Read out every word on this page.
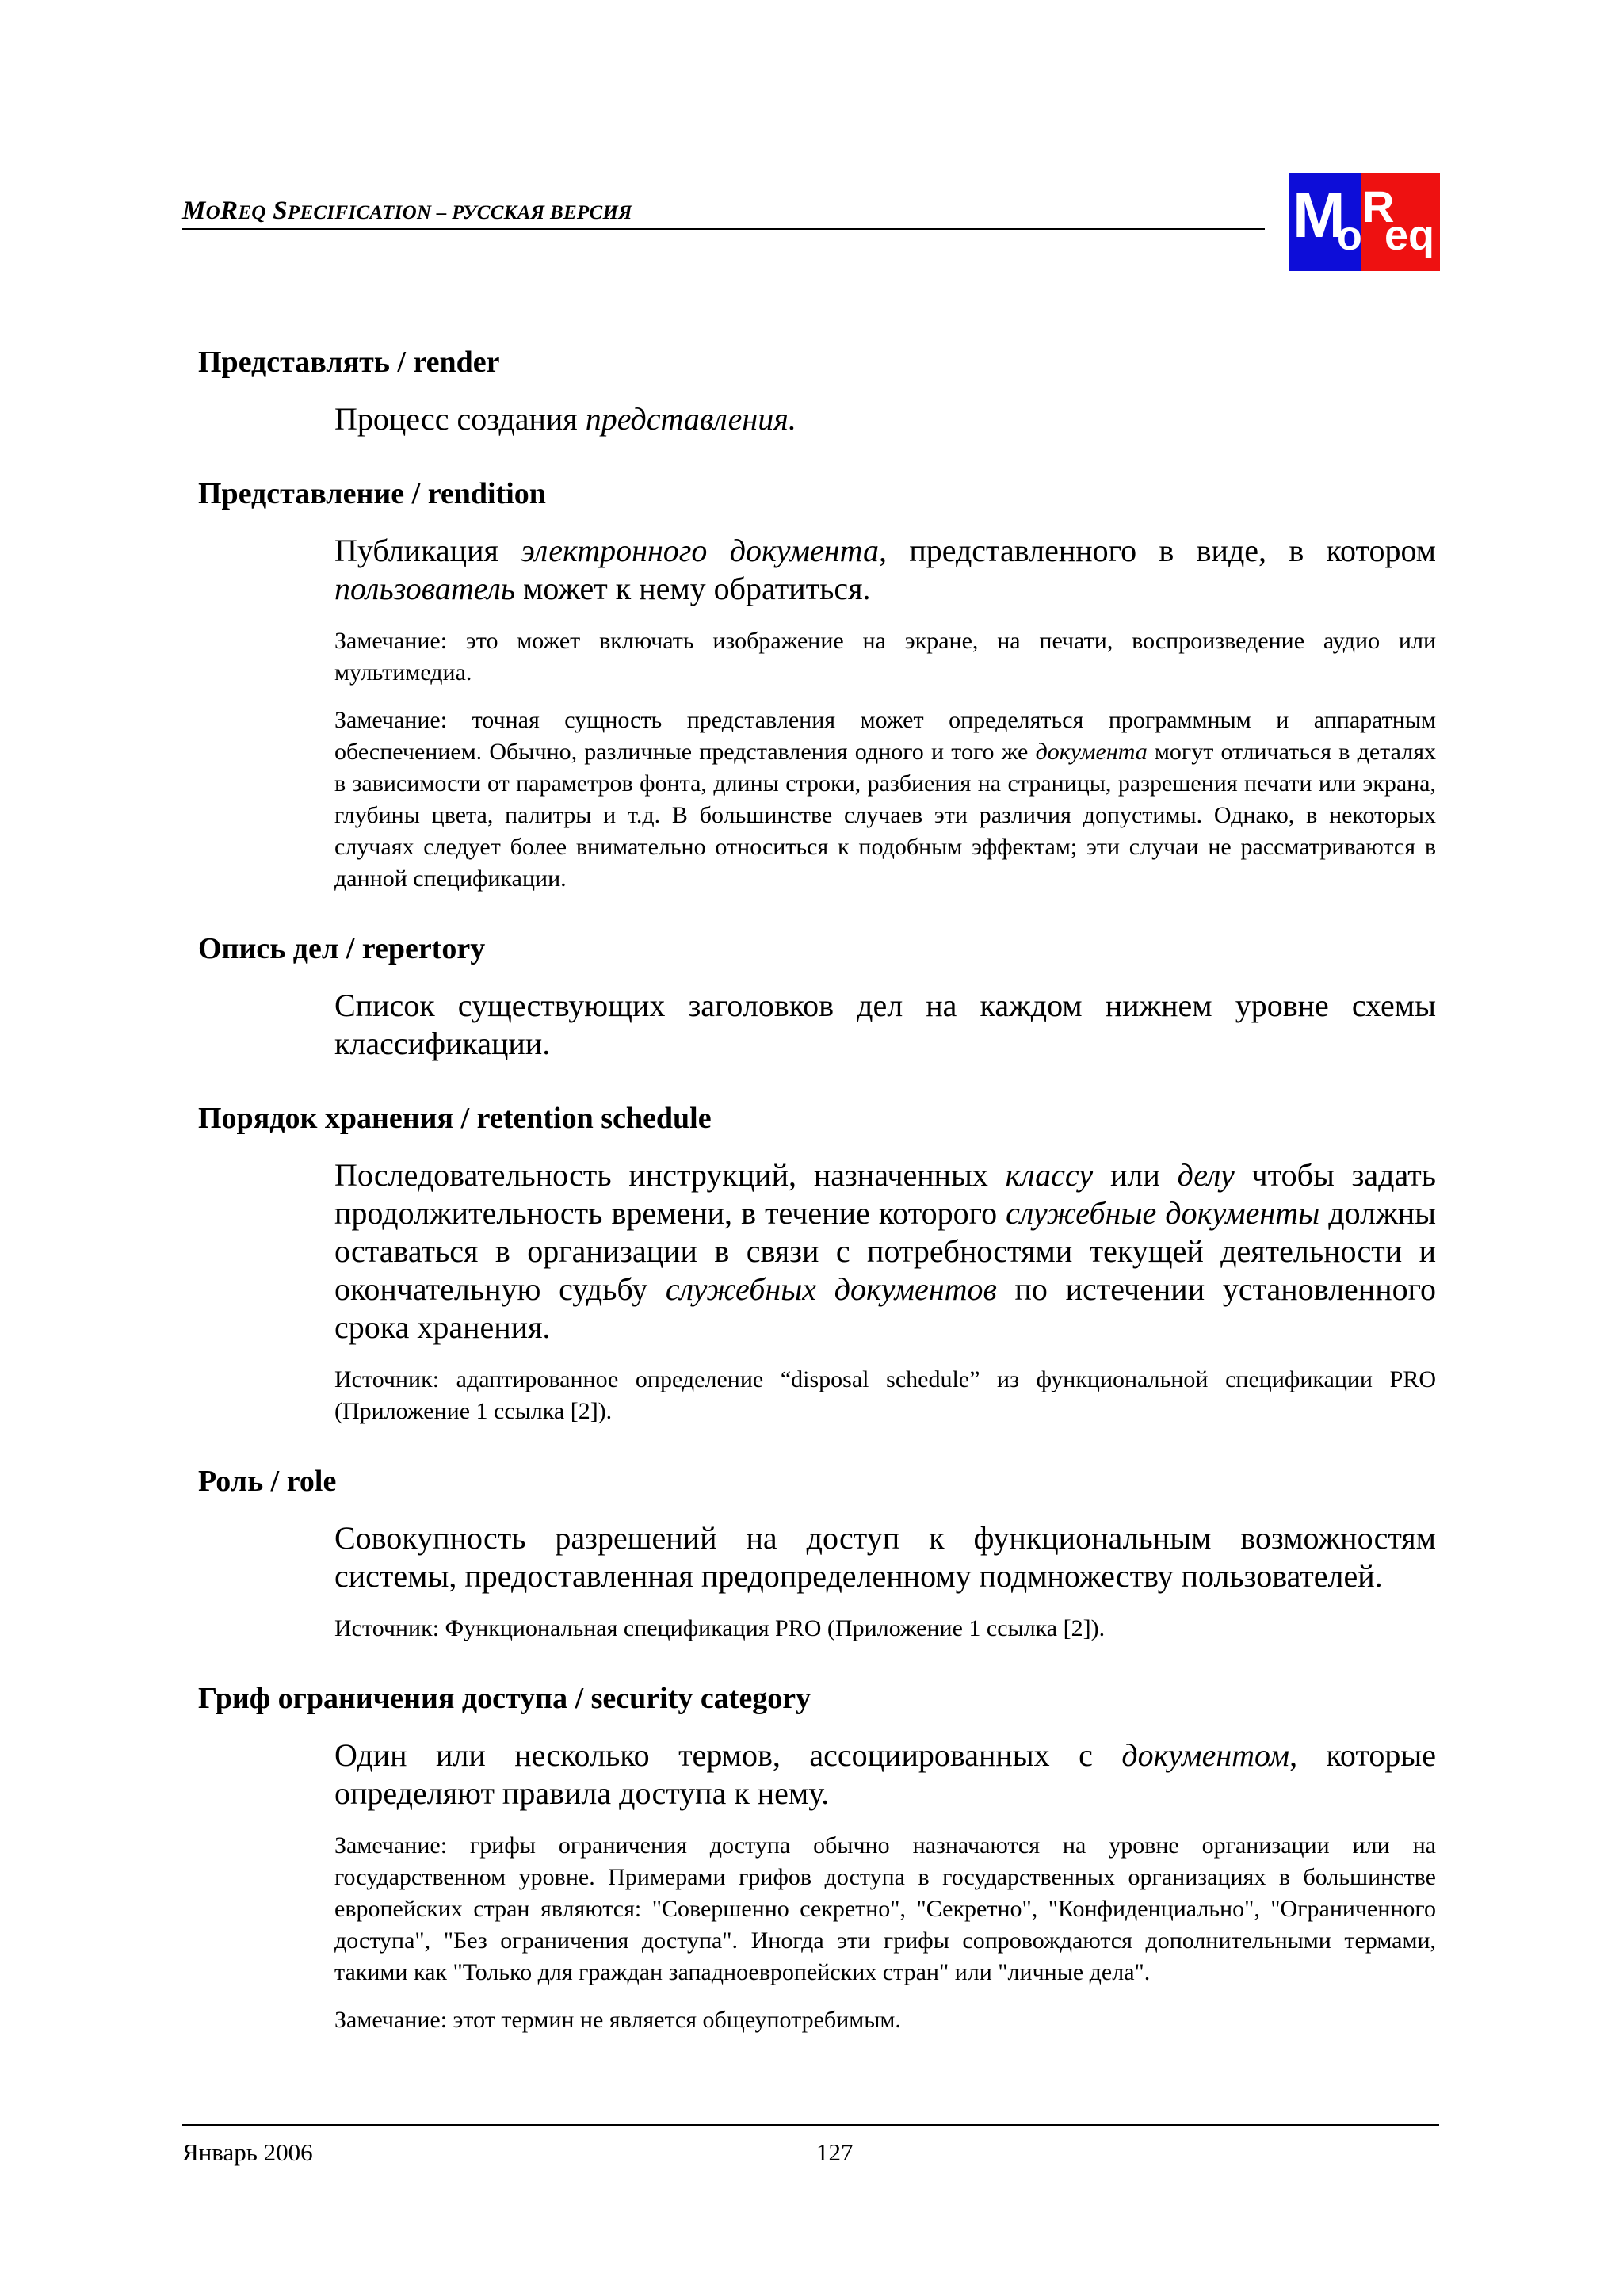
MOREQ SPECIFICATION – РУССКАЯ ВЕРСИЯ	M
o
R
eq
Представлять / render
Процесс создания представления.
Представление / rendition
Публикация электронного документа, представленного в виде, в котором пользователь может к нему обратиться.
Замечание: это может включать изображение на экране, на печати, воспроизведение аудио или мультимедиа.
Замечание: точная сущность представления может определяться программным и аппаратным обеспечением. Обычно, различные представления одного и того же документа могут отличаться в деталях в зависимости от параметров фонта, длины строки, разбиения на страницы, разрешения печати или экрана, глубины цвета, палитры и т.д. В большинстве случаев эти различия допустимы. Однако, в некоторых случаях следует более внимательно относиться к подобным эффектам; эти случаи не рассматриваются в данной спецификации.
Опись дел / repertory
Список существующих заголовков дел на каждом нижнем уровне схемы классификации.
Порядок хранения / retention schedule
Последовательность инструкций, назначенных классу или делу чтобы задать продолжительность времени, в течение которого служебные документы должны оставаться в организации в связи с потребностями текущей деятельности и окончательную судьбу служебных документов по истечении установленного срока хранения.
Источник: адаптированное определение “disposal schedule” из функциональной спецификации PRO (Приложение 1 ссылка [2]).
Роль / role
Совокупность разрешений на доступ к функциональным возможностям системы, предоставленная предопределенному подмножеству пользователей.
Источник: Функциональная спецификация PRO (Приложение 1 ссылка [2]).
Гриф ограничения доступа / security category
Один или несколько термов, ассоциированных с документом, которые определяют правила доступа к нему.
Замечание: грифы ограничения доступа обычно назначаются на уровне организации или на государственном уровне. Примерами грифов доступа в государственных организациях в большинстве европейских стран являются: "Совершенно секретно", "Секретно", "Конфиденциально", "Ограниченного доступа", "Без ограничения доступа". Иногда эти грифы сопровождаются дополнительными термами, такими как "Только для граждан западноевропейских стран" или "личные дела".
Замечание: этот термин не является общеупотребимым.
Январь 2006	127
